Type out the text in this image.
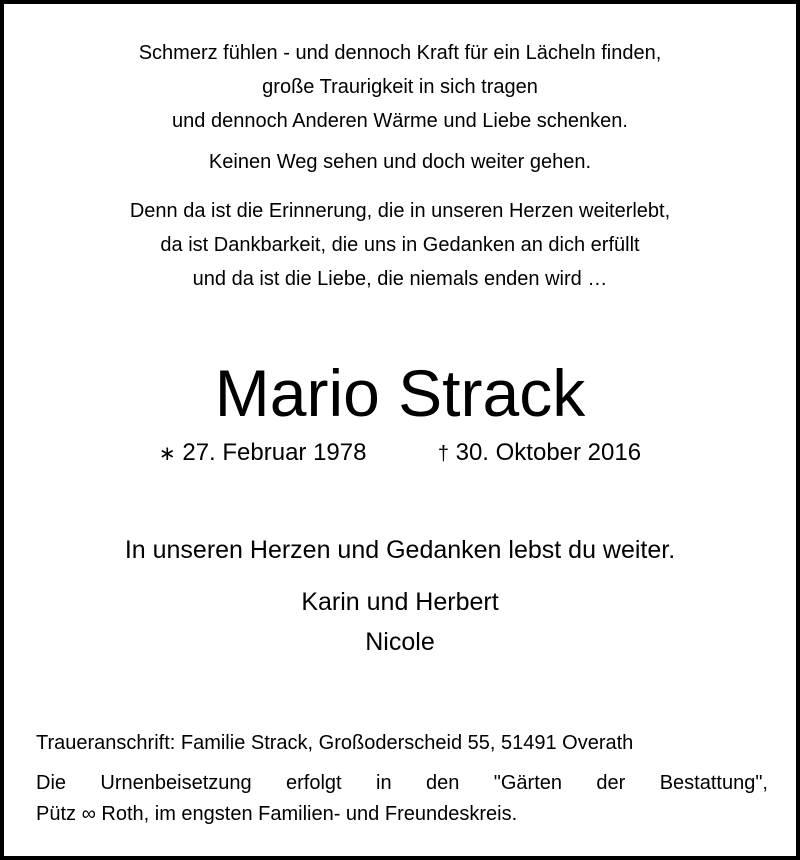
Schmerz fühlen - und dennoch Kraft für ein Lächeln finden,
große Traurigkeit in sich tragen
und dennoch Anderen Wärme und Liebe schenken.
Keinen Weg sehen und doch weiter gehen.
Denn da ist die Erinnerung, die in unseren Herzen weiterlebt,
da ist Dankbarkeit, die uns in Gedanken an dich erfüllt
und da ist die Liebe, die niemals enden wird …
Mario Strack
∗ 27. Februar 1978	† 30. Oktober 2016
In unseren Herzen und Gedanken lebst du weiter.
Karin und Herbert
Nicole
Traueranschrift: Familie Strack, Großoderscheid 55, 51491 Overath
Die Urnenbeisetzung erfolgt in den "Gärten der Bestattung",
Pütz ∞ Roth, im engsten Familien- und Freundeskreis.
